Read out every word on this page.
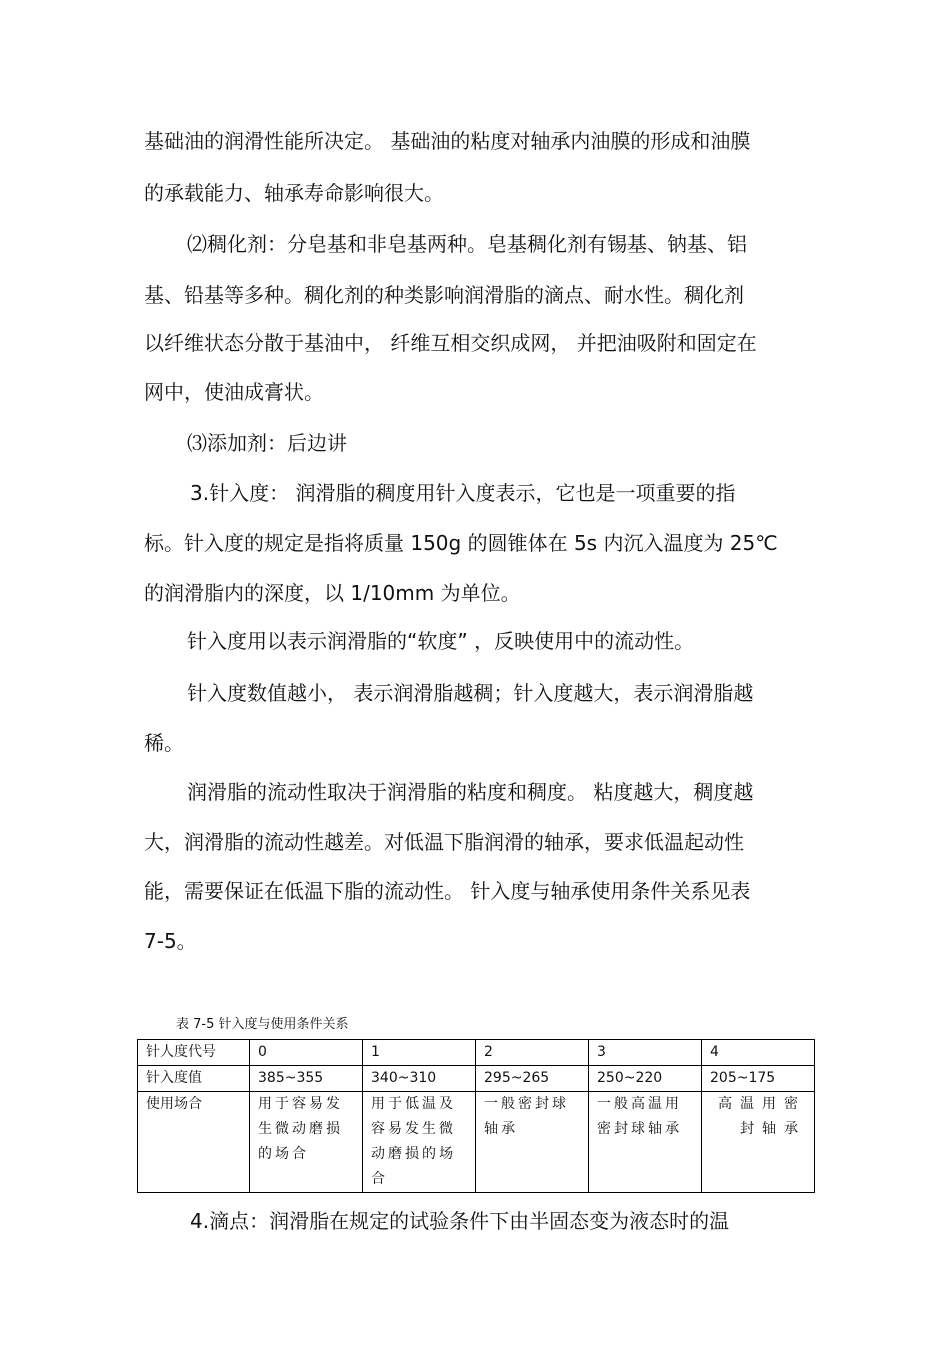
基础油的润滑性能所决定。 基础油的粘度对轴承内油膜的形成和油膜
的承载能力、轴承寿命影响很大。
⑵稠化剂：分皂基和非皂基两种。皂基稠化剂有锡基、钠基、铝
基、铅基等多种。稠化剂的种类影响润滑脂的滴点、耐水性。稠化剂
以纤维状态分散于基油中， 纤维互相交织成网， 并把油吸附和固定在
网中，使油成膏状。
⑶添加剂：后边讲
3.针入度： 润滑脂的稠度用针入度表示，它也是一项重要的指
标。针入度的规定是指将质量 150g 的圆锥体在 5s 内沉入温度为 25℃
的润滑脂内的深度，以 1/10mm 为单位。
针入度用以表示润滑脂的“软度” ，反映使用中的流动性。
针入度数值越小， 表示润滑脂越稠；针入度越大，表示润滑脂越
稀。
润滑脂的流动性取决于润滑脂的粘度和稠度。 粘度越大，稠度越
大，润滑脂的流动性越差。对低温下脂润滑的轴承，要求低温起动性
能，需要保证在低温下脂的流动性。 针入度与轴承使用条件关系见表
7-5。
表 7-5 针入度与使用条件关系
针人度代号	0	1	2	3	4
针入度值	385~355	340~310	295~265	250~220	205~175
使用场合	用于容易发生微动磨损的场合	用于低温及容易发生微动磨损的场合	一般密封球轴承	一般高温用密封球轴承	高温用密封轴承
4.滴点：润滑脂在规定的试验条件下由半固态变为液态时的温
